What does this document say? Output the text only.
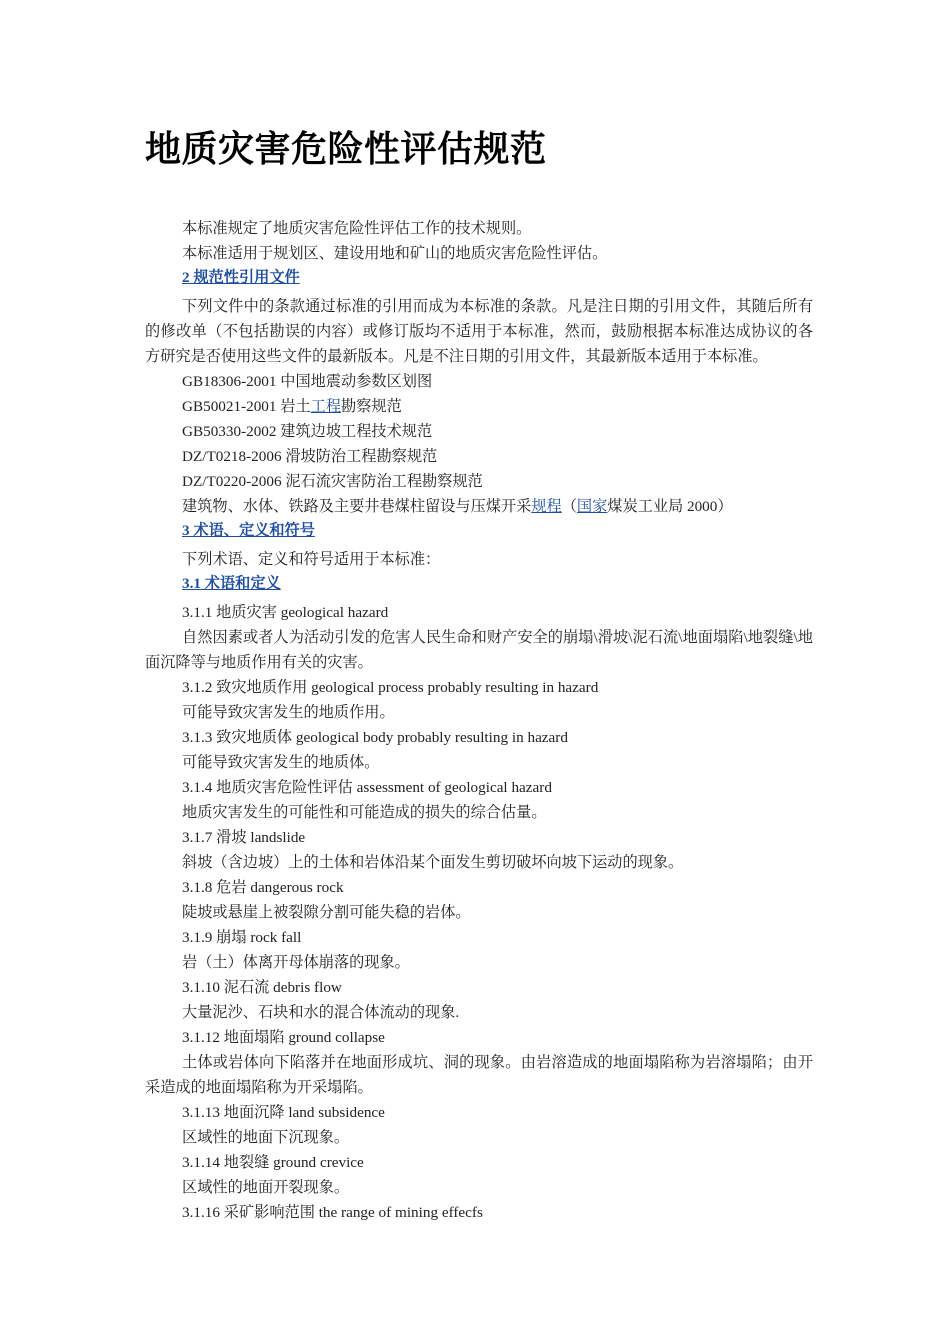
地质灾害危险性评估规范

本标准规定了地质灾害危险性评估工作的技术规则。

本标准适用于规划区、建设用地和矿山的地质灾害危险性评估。

2 规范性引用文件

下列文件中的条款通过标准的引用而成为本标准的条款。凡是注日期的引用文件，其随后所有的修改单（不包括勘误的内容）或修订版均不适用于本标准，然而，鼓励根据本标准达成协议的各方研究是否使用这些文件的最新版本。凡是不注日期的引用文件，其最新版本适用于本标准。

GB18306-2001 中国地震动参数区划图

GB50021-2001 岩土工程勘察规范

GB50330-2002 建筑边坡工程技术规范

DZ/T0218-2006 滑坡防治工程勘察规范

DZ/T0220-2006 泥石流灾害防治工程勘察规范

建筑物、水体、铁路及主要井巷煤柱留设与压煤开采规程（国家煤炭工业局 2000）

3 术语、定义和符号

下列术语、定义和符号适用于本标准：

3.1 术语和定义

3.1.1 地质灾害 geological hazard

自然因素或者人为活动引发的危害人民生命和财产安全的崩塌\滑坡\泥石流\地面塌陷\地裂缝\地面沉降等与地质作用有关的灾害。

3.1.2 致灾地质作用 geological process probably resulting in hazard

可能导致灾害发生的地质作用。

3.1.3 致灾地质体 geological body probably resulting in hazard

可能导致灾害发生的地质体。

3.1.4 地质灾害危险性评估 assessment of geological hazard

地质灾害发生的可能性和可能造成的损失的综合估量。

3.1.7 滑坡 landslide

斜坡（含边坡）上的土体和岩体沿某个面发生剪切破坏向坡下运动的现象。

3.1.8 危岩 dangerous rock

陡坡或悬崖上被裂隙分割可能失稳的岩体。

3.1.9 崩塌 rock fall

岩（土）体离开母体崩落的现象。

3.1.10 泥石流 debris flow

大量泥沙、石块和水的混合体流动的现象.

3.1.12 地面塌陷 ground collapse

土体或岩体向下陷落并在地面形成坑、洞的现象。由岩溶造成的地面塌陷称为岩溶塌陷；由开采造成的地面塌陷称为开采塌陷。

3.1.13 地面沉降 land subsidence

区域性的地面下沉现象。

3.1.14 地裂缝 ground crevice

区域性的地面开裂现象。

3.1.16 采矿影响范围 the range of mining effecfs
